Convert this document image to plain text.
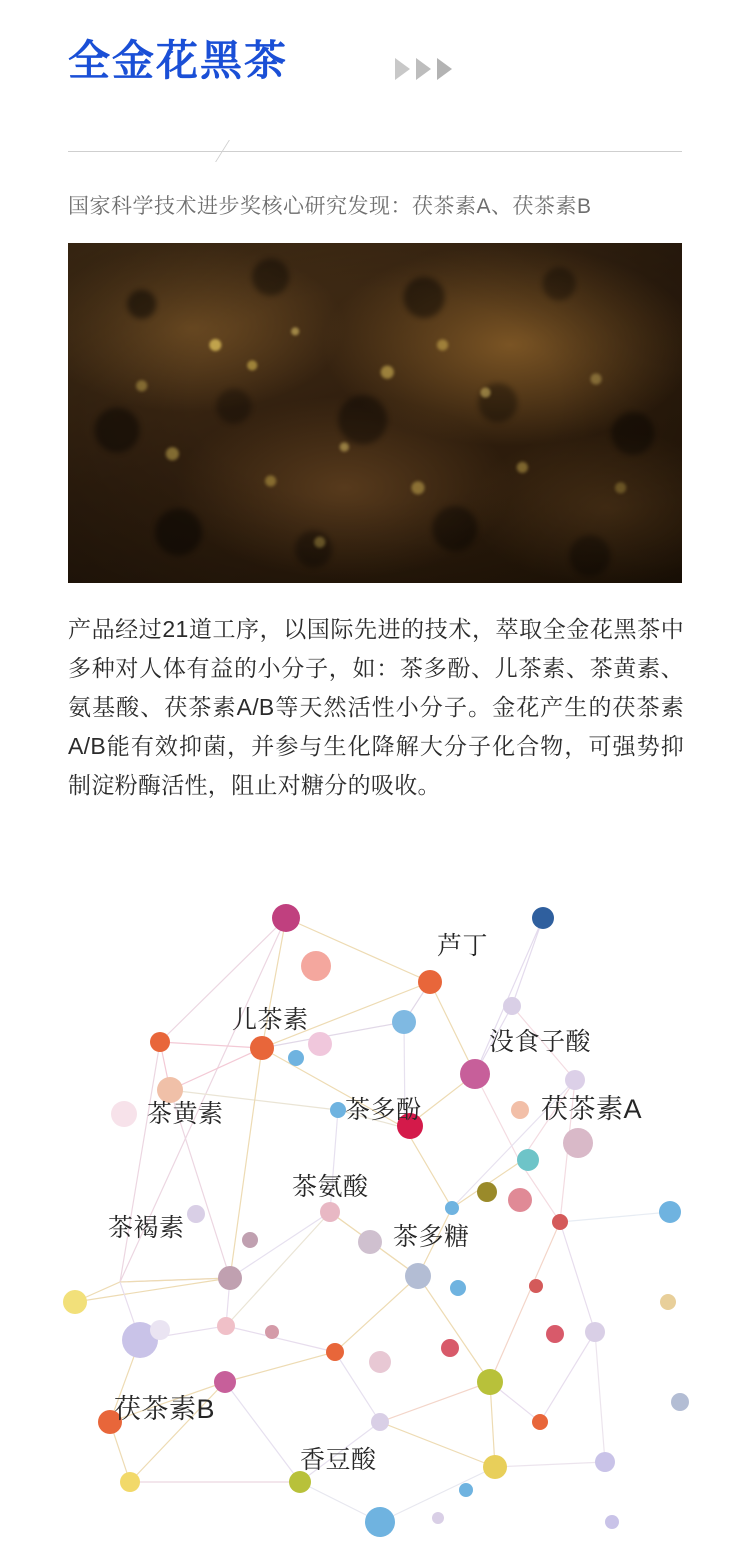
全金花黑茶
国家科学技术进步奖核心研究发现：茯茶素A、茯茶素B
产品经过21道工序，以国际先进的技术，萃取全金花黑茶中多种对人体有益的小分子，如：茶多酚、儿茶素、茶黄素、氨基酸、茯茶素A/B等天然活性小分子。金花产生的茯茶素A/B能有效抑菌，并参与生化降解大分子化合物，可强势抑制淀粉酶活性，阻止对糖分的吸收。
芦丁
儿茶素
没食子酸
茶多酚	茯茶素A
茶黄素
茶氨酸
茶褐素	茶多糖
茯茶素B
香豆酸
